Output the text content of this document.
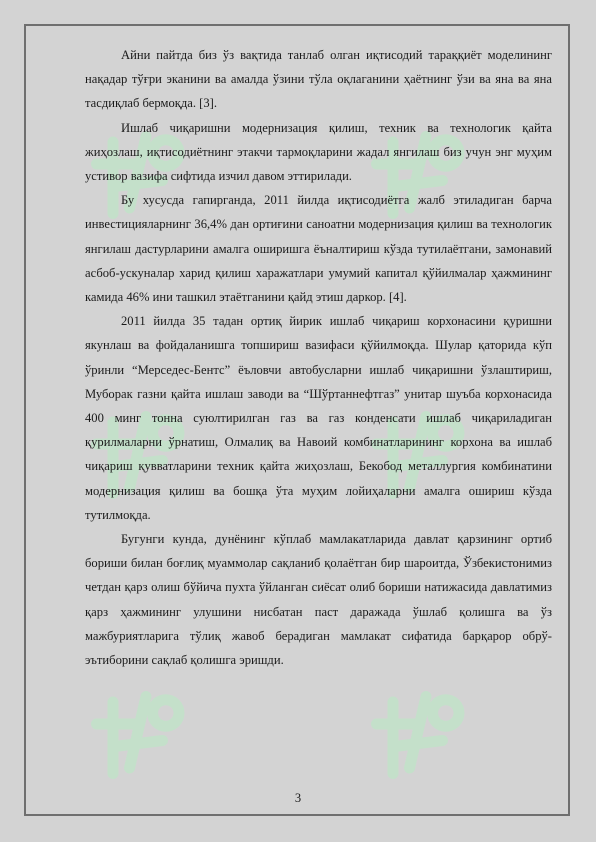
Айни пайтда биз ўз вақтида танлаб олган иқтисодий тараққиёт моделининг нақадар тўғри эканини ва амалда ўзини тўла оқлаганини ҳаётнинг ўзи ва яна ва яна тасдиқлаб бермоқда. [3].

Ишлаб чиқаришни модернизация қилиш, техник ва технологик қайта жиҳозлаш, иқтисодиётнинг этакчи тармоқларини жадал янгилаш биз учун энг муҳим устивор вазифа сифтида изчил давом эттирилади.

Бу хусусда гапирганда, 2011 йилда иқтисодиётга жалб этиладиган барча инвестицияларнинг 36,4% дан ортиғини саноатни модернизация қилиш ва технологик янгилаш дастурларини амалга оширишга ёъналтириш кўзда тутилаётгани, замонавий асбоб-ускуналар харид қилиш харажатлари умумий капитал қўйилмалар ҳажмининг камида 46% ини ташкил этаётганини қайд этиш даркор. [4].

2011 йилда 35 тадан ортиқ йирик ишлаб чиқариш корхонасини қуришни якунлаш ва фойдаланишга топшириш вазифаси қўйилмоқда. Шулар қаторида кўп ўринли “Мерседес-Бентс” ёъловчи автобусларни ишлаб чиқаришни ўзлаштириш, Муборак газни қайта ишлаш заводи ва “Шўртаннефтгаз” унитар шуъба корхонасида 400 минг тонна суюлтирилган газ ва газ конденсати ишлаб чиқариладиган қурилмаларни ўрнатиш, Олмалиқ ва Навоий комбинатларининг корхона ва ишлаб чиқариш қувватларини техник қайта жиҳозлаш, Бекобод металлургия комбинатини модернизация қилиш ва бошқа ўта муҳим лойиҳаларни амалга ошириш кўзда тутилмоқда.

Бугунги кунда, дунёнинг кўплаб мамлакатларида давлат қарзининг ортиб бориши билан боғлиқ муаммолар сақланиб қолаётган бир шароитда, Ўзбекистонимиз четдан қарз олиш бўйича пухта ўйланган сиёсат олиб бориши натижасида давлатимиз қарз ҳажмининг улушини нисбатан паст даражада ўшлаб қолишга ва ўз мажбуриятларига тўлиқ жавоб берадиган мамлакат сифатида барқарор обрў-эътиборини сақлаб қолишга эришди.

3
